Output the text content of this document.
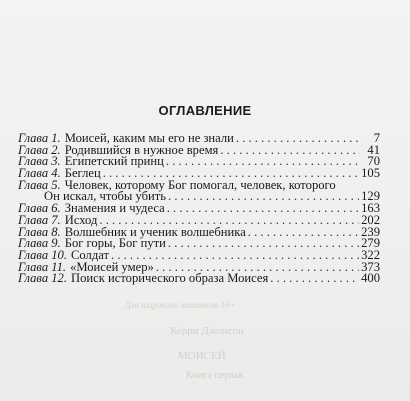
ОГЛАВЛЕНИЕ
Глава 1. Моисей, каким мы его не знали . . .	7
Глава 2. Родившийся в нужное время . . .	41
Глава 3. Египетский принц . . .	70
Глава 4. Беглец . . .	105
Глава 5. Человек, которому Бог помогал, человек, которого
Он искал, чтобы убить . . .	129
Глава 6. Знамения и чудеса . . .	163
Глава 7. Исход . . .	202
Глава 8. Волшебник и ученик волшебника . . .	239
Глава 9. Бог горы, Бог пути . . .	279
Глава 10. Солдат . . .	322
Глава 11. «Моисей умер» . . .	373
Глава 12. Поиск исторического образа Моисея . . .	400
Для широкого читателя 16+
Керри Джонсон
МОИСЕЙ
Книга первая
